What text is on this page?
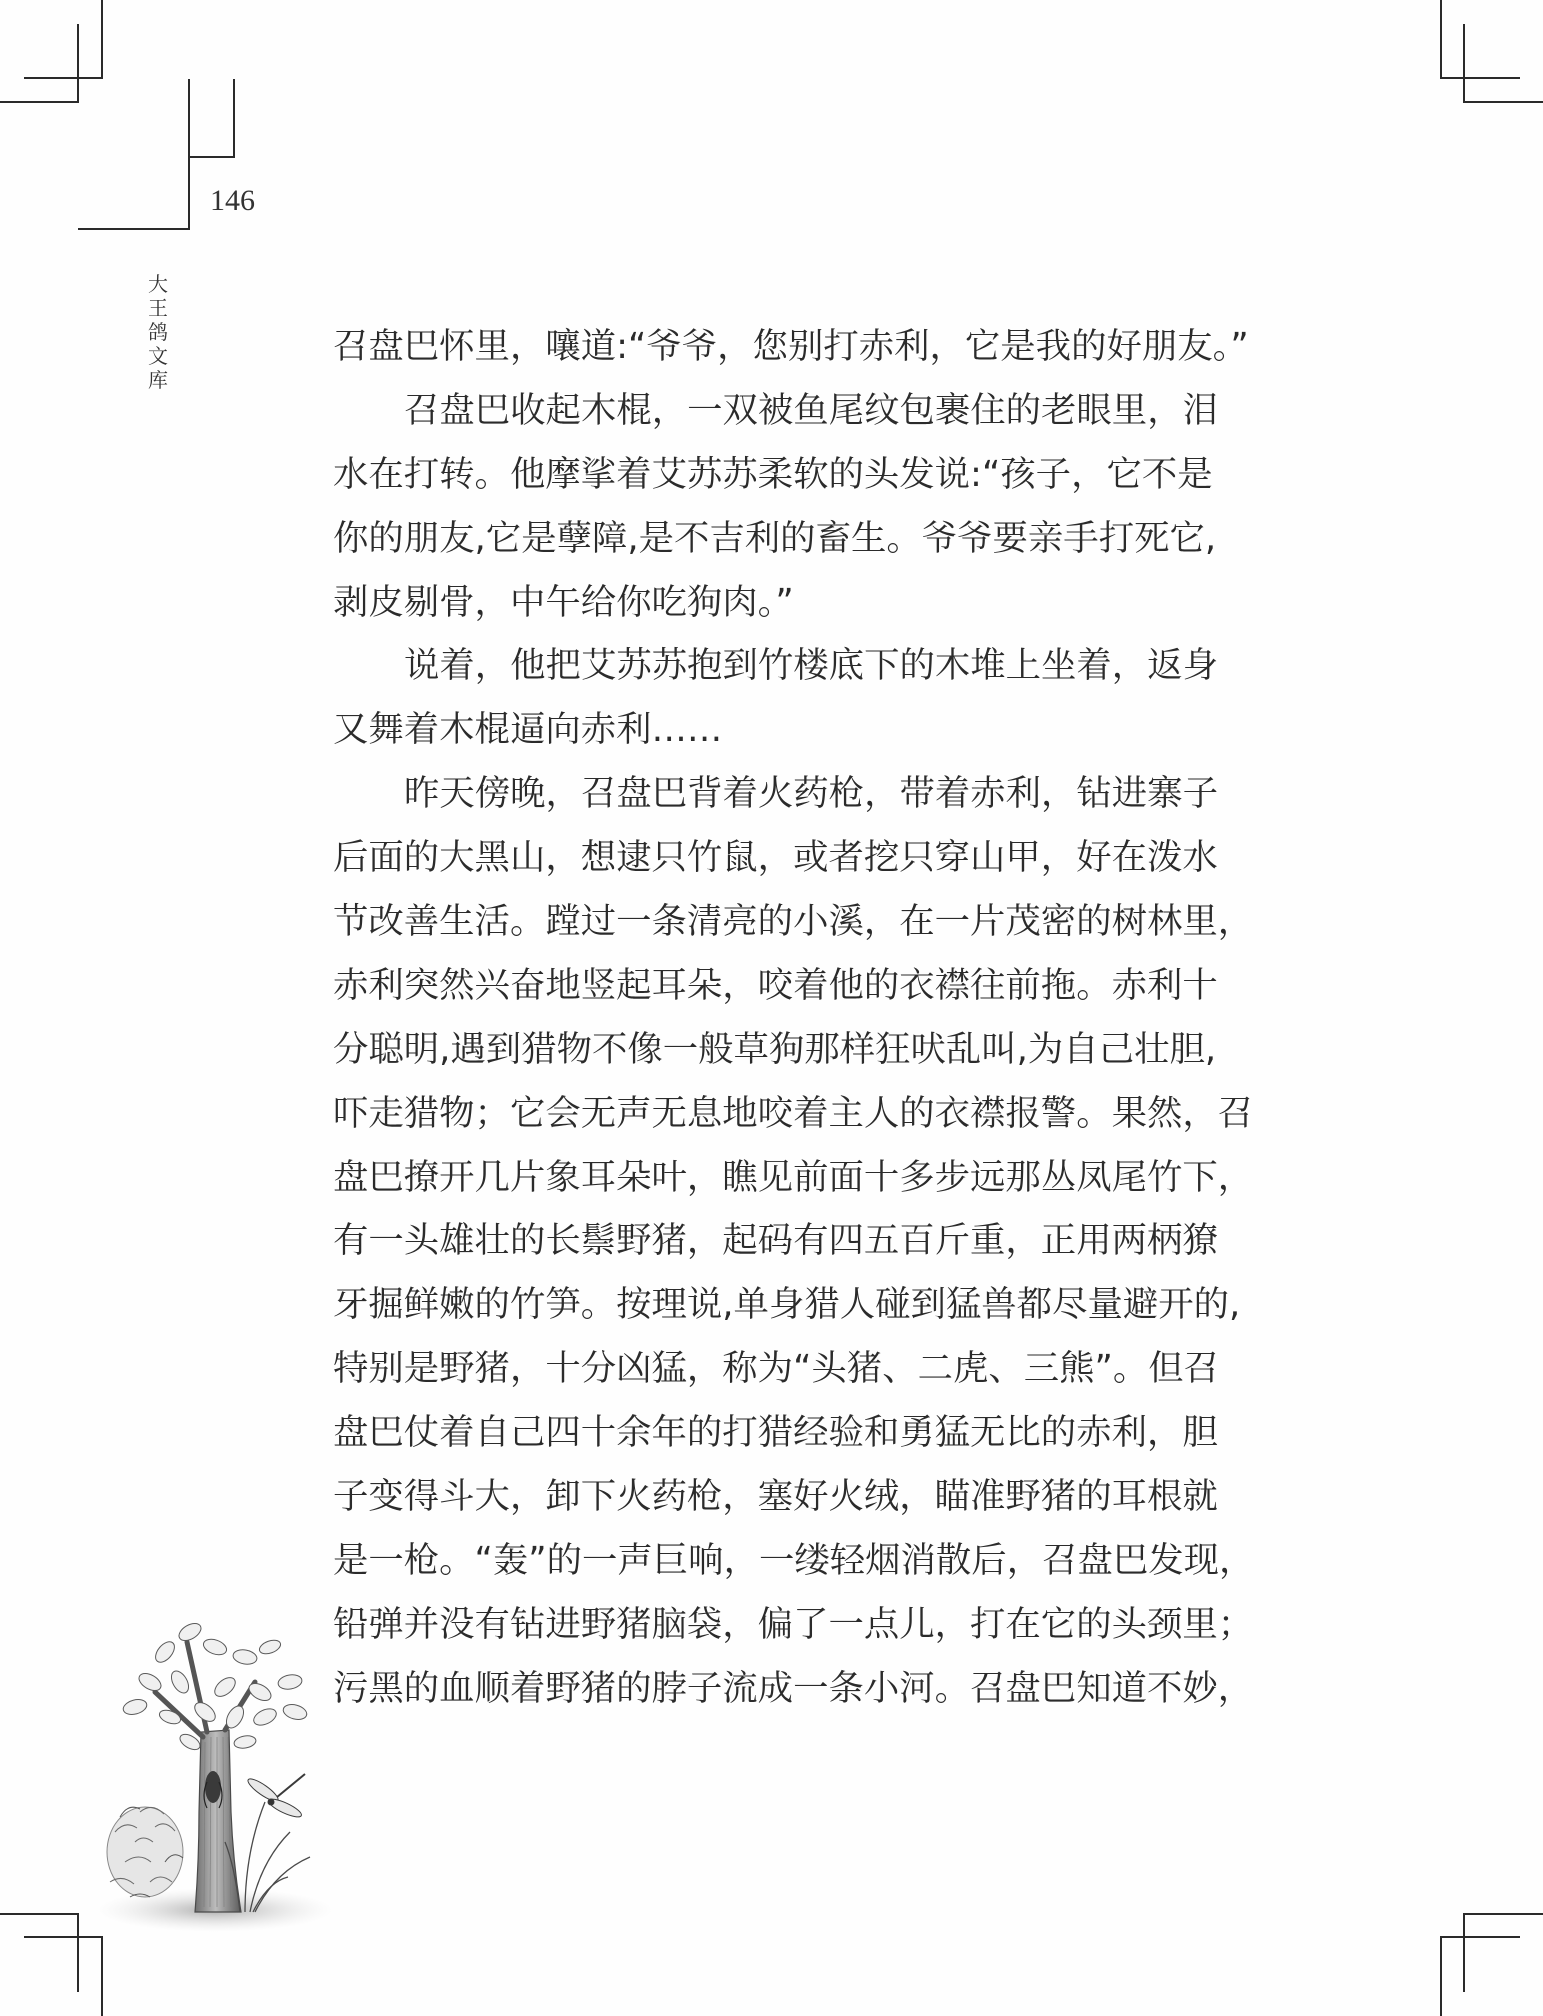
146
大王鸽文库
召盘巴怀里，嚷道:“爷爷，您别打赤利，它是我的好朋友。”
召盘巴收起木棍，一双被鱼尾纹包裹住的老眼里，泪
水在打转。他摩挲着艾苏苏柔软的头发说:“孩子，它不是
你的朋友,它是孽障,是不吉利的畜生。爷爷要亲手打死它,
剥皮剔骨，中午给你吃狗肉。”
说着，他把艾苏苏抱到竹楼底下的木堆上坐着，返身
又舞着木棍逼向赤利……
昨天傍晚，召盘巴背着火药枪，带着赤利，钻进寨子
后面的大黑山，想逮只竹鼠，或者挖只穿山甲，好在泼水
节改善生活。蹚过一条清亮的小溪，在一片茂密的树林里，
赤利突然兴奋地竖起耳朵，咬着他的衣襟往前拖。赤利十
分聪明,遇到猎物不像一般草狗那样狂吠乱叫,为自己壮胆,
吓走猎物；它会无声无息地咬着主人的衣襟报警。果然，召
盘巴撩开几片象耳朵叶，瞧见前面十多步远那丛凤尾竹下，
有一头雄壮的长鬃野猪，起码有四五百斤重，正用两柄獠
牙掘鲜嫩的竹笋。按理说,单身猎人碰到猛兽都尽量避开的,
特别是野猪，十分凶猛，称为“头猪、二虎、三熊”。但召
盘巴仗着自己四十余年的打猎经验和勇猛无比的赤利，胆
子变得斗大，卸下火药枪，塞好火绒，瞄准野猪的耳根就
是一枪。“轰”的一声巨响，一缕轻烟消散后，召盘巴发现，
铅弹并没有钻进野猪脑袋，偏了一点儿，打在它的头颈里；
污黑的血顺着野猪的脖子流成一条小河。召盘巴知道不妙，
